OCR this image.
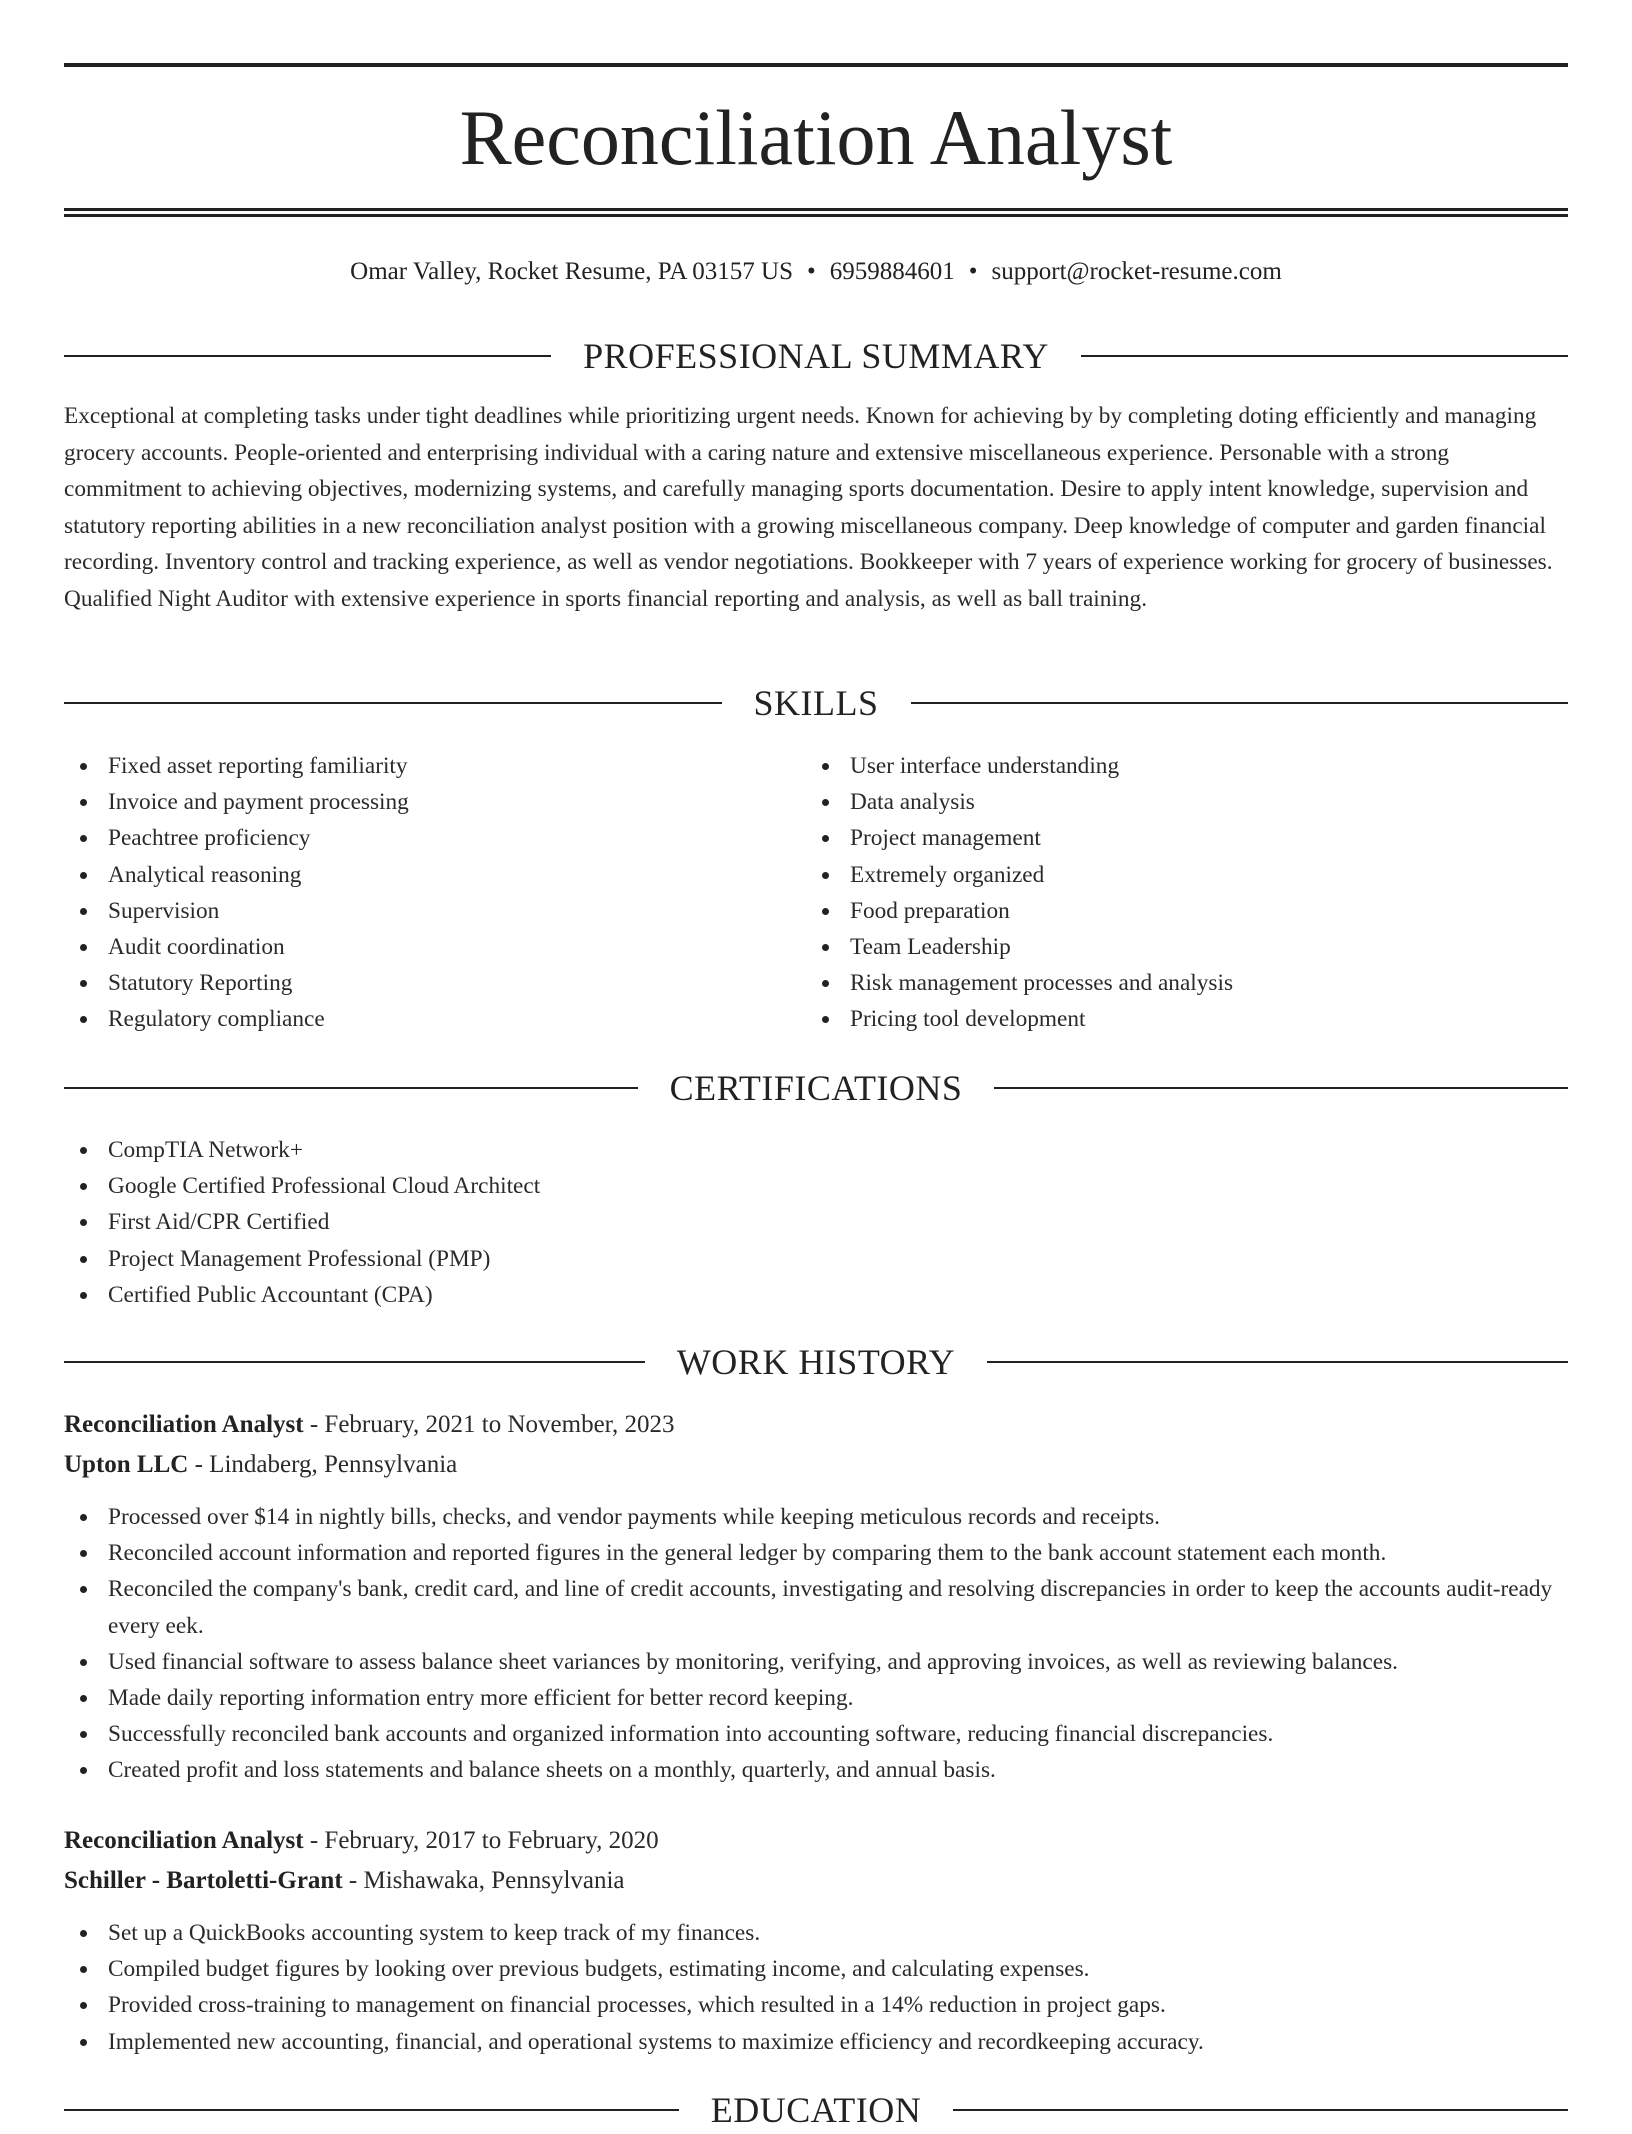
Reconciliation Analyst
Omar Valley, Rocket Resume, PA 03157 US • 6959884601 • support@rocket-resume.com
PROFESSIONAL SUMMARY

Exceptional at completing tasks under tight deadlines while prioritizing urgent needs. Known for achieving by by completing doting efficiently and managing grocery accounts. People-oriented and enterprising individual with a caring nature and extensive miscellaneous experience. Personable with a strong commitment to achieving objectives, modernizing systems, and carefully managing sports documentation. Desire to apply intent knowledge, supervision and statutory reporting abilities in a new reconciliation analyst position with a growing miscellaneous company. Deep knowledge of computer and garden financial recording. Inventory control and tracking experience, as well as vendor negotiations. Bookkeeper with 7 years of experience working for grocery of businesses. Qualified Night Auditor with extensive experience in sports financial reporting and analysis, as well as ball training.

SKILLS
Fixed asset reporting familiarity
Invoice and payment processing
Peachtree proficiency
Analytical reasoning
Supervision
Audit coordination
Statutory Reporting
Regulatory compliance
User interface understanding
Data analysis
Project management
Extremely organized
Food preparation
Team Leadership
Risk management processes and analysis
Pricing tool development
CERTIFICATIONS
CompTIA Network+
Google Certified Professional Cloud Architect
First Aid/CPR Certified
Project Management Professional (PMP)
Certified Public Accountant (CPA)
WORK HISTORY
Reconciliation Analyst - February, 2021 to November, 2023
Upton LLC - Lindaberg, Pennsylvania
Processed over $14 in nightly bills, checks, and vendor payments while keeping meticulous records and receipts.
Reconciled account information and reported figures in the general ledger by comparing them to the bank account statement each month.
Reconciled the company's bank, credit card, and line of credit accounts, investigating and resolving discrepancies in order to keep the accounts audit-ready every eek.
Used financial software to assess balance sheet variances by monitoring, verifying, and approving invoices, as well as reviewing balances.
Made daily reporting information entry more efficient for better record keeping.
Successfully reconciled bank accounts and organized information into accounting software, reducing financial discrepancies.
Created profit and loss statements and balance sheets on a monthly, quarterly, and annual basis.
Reconciliation Analyst - February, 2017 to February, 2020
Schiller - Bartoletti-Grant - Mishawaka, Pennsylvania
Set up a QuickBooks accounting system to keep track of my finances.
Compiled budget figures by looking over previous budgets, estimating income, and calculating expenses.
Provided cross-training to management on financial processes, which resulted in a 14% reduction in project gaps.
Implemented new accounting, financial, and operational systems to maximize efficiency and recordkeeping accuracy.
EDUCATION
